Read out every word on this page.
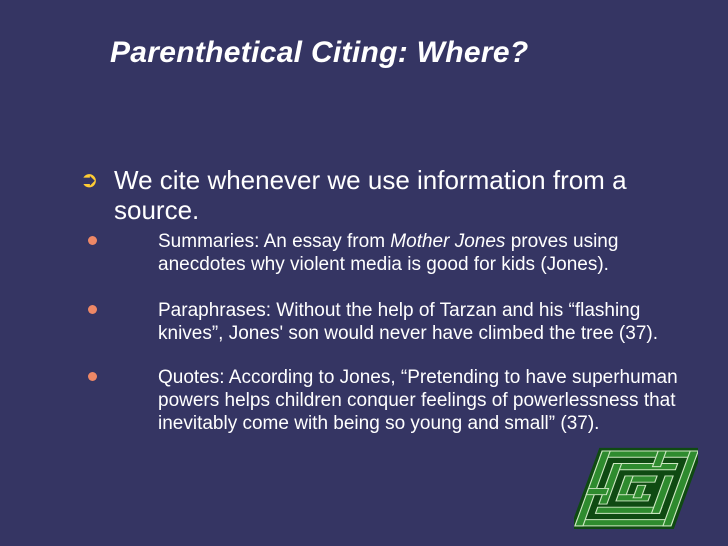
Parenthetical Citing: Where?
➲ We cite whenever we use information from a source.

Summaries: An essay from Mother Jones proves using anecdotes why violent media is good for kids (Jones).

Paraphrases: Without the help of Tarzan and his “flashing knives”, Jones' son would never have climbed the tree (37).

Quotes: According to Jones, “Pretending to have superhuman powers helps children conquer feelings of powerlessness that inevitably come with being so young and small” (37).
